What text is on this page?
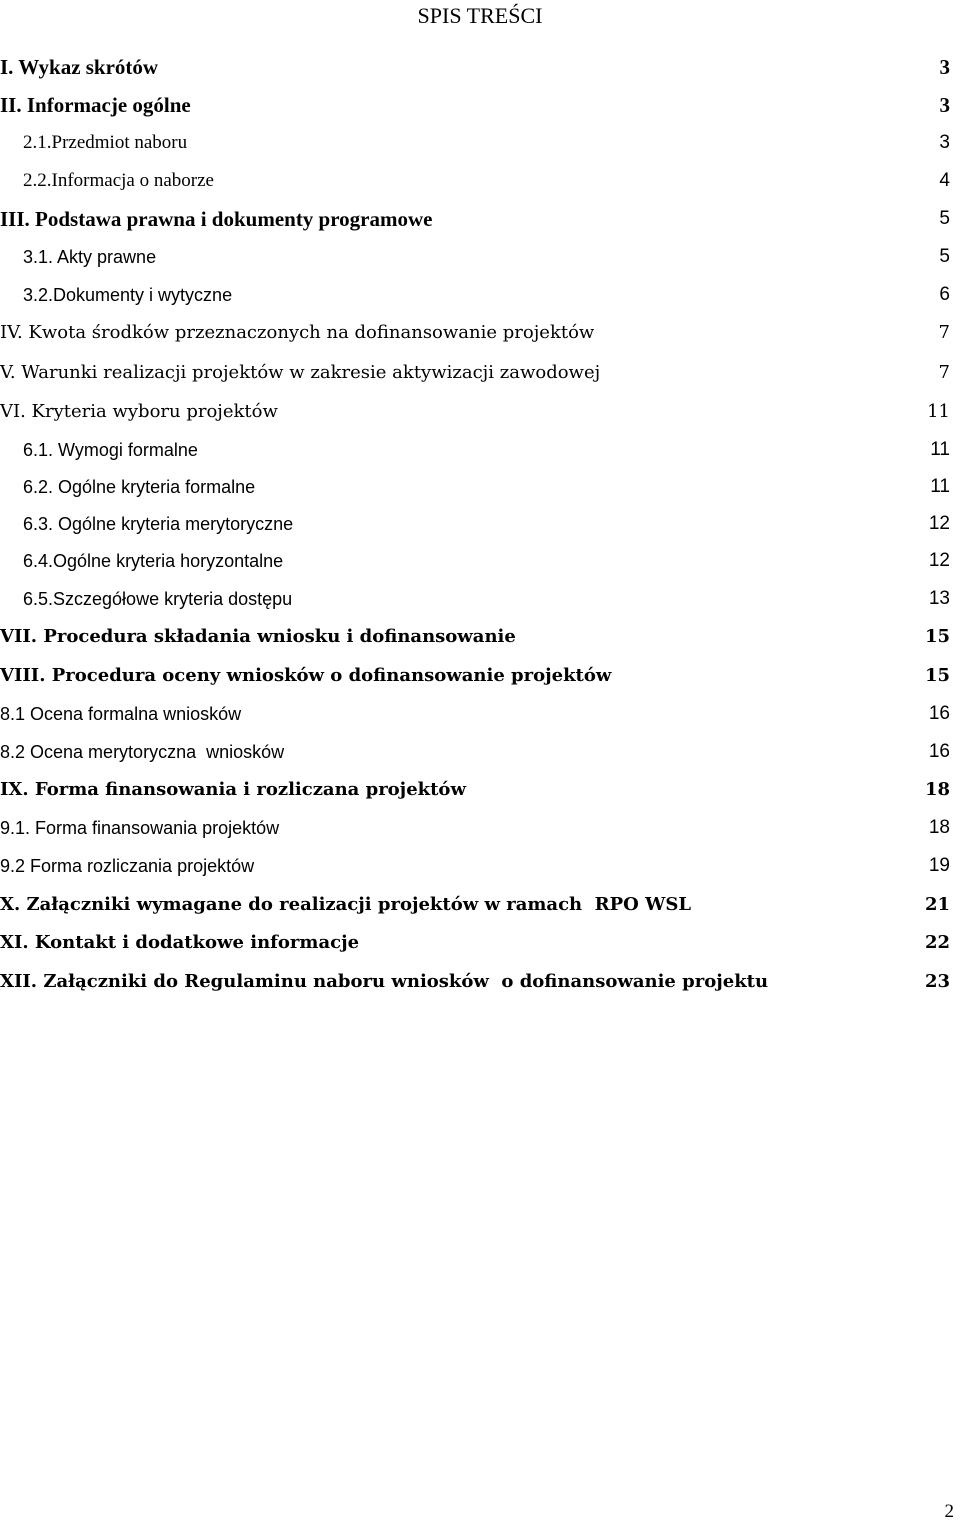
SPIS TREŚCI
I. Wykaz skrótów	3
II. Informacje ogólne	3
2.1.Przedmiot naboru	3
2.2.Informacja o naborze	4
III. Podstawa prawna i dokumenty programowe	5
3.1. Akty prawne	5
3.2.Dokumenty i wytyczne	6
IV. Kwota środków przeznaczonych na dofinansowanie projektów	7
V. Warunki realizacji projektów w zakresie aktywizacji zawodowej	7
VI. Kryteria wyboru projektów	11
6.1. Wymogi formalne	11
6.2. Ogólne kryteria formalne	11
6.3. Ogólne kryteria merytoryczne	12
6.4.Ogólne kryteria horyzontalne	12
6.5.Szczegółowe kryteria dostępu	13
VII. Procedura składania wniosku i dofinansowanie	15
VIII. Procedura oceny wniosków o dofinansowanie projektów	15
8.1 Ocena formalna wniosków	16
8.2 Ocena merytoryczna  wniosków	16
IX. Forma finansowania i rozliczana projektów	18
9.1. Forma finansowania projektów	18
9.2 Forma rozliczania projektów	19
X. Załączniki wymagane do realizacji projektów w ramach  RPO WSL	21
XI. Kontakt i dodatkowe informacje	22
XII. Załączniki do Regulaminu naboru wniosków  o dofinansowanie projektu	23
2
